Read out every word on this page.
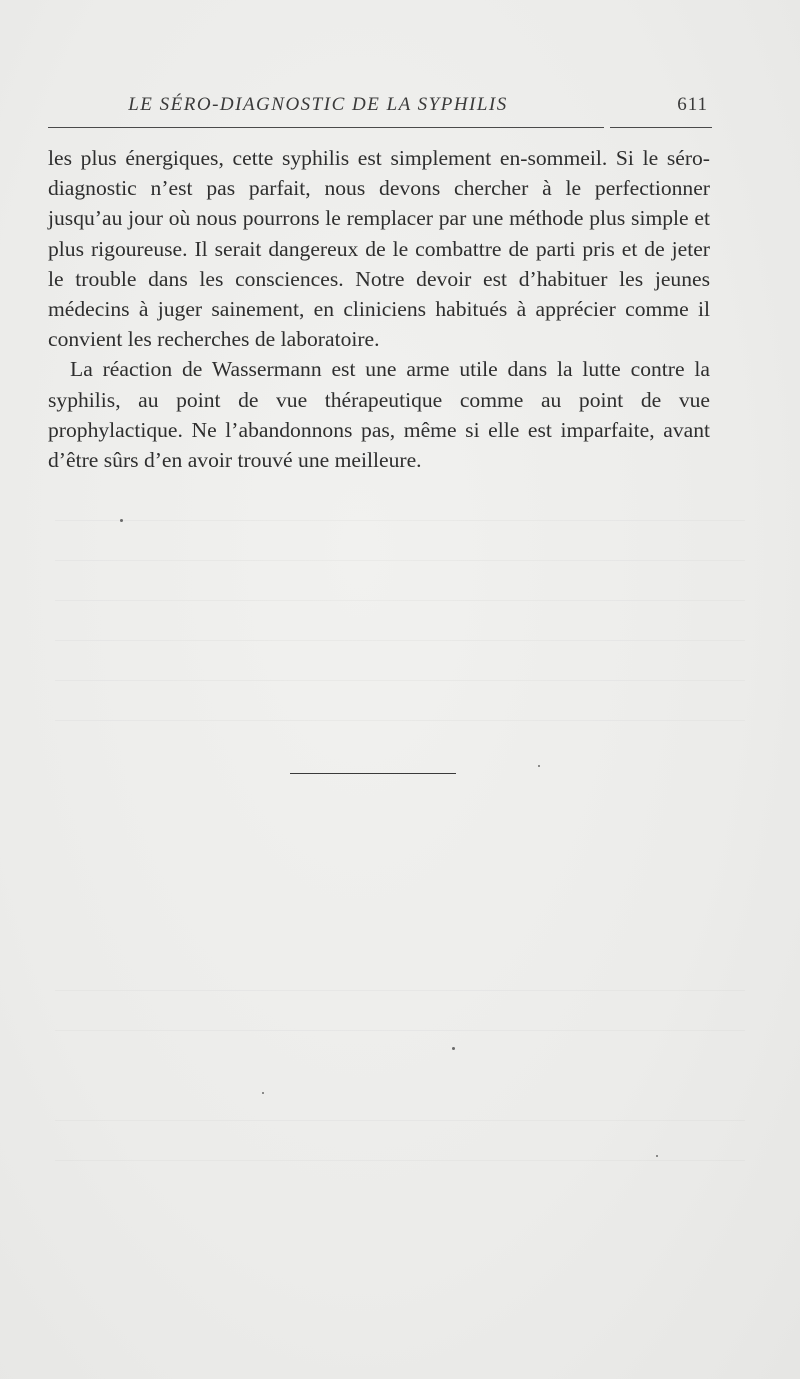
LE SÉRO-DIAGNOSTIC DE LA SYPHILIS	611

les plus énergiques, cette syphilis est simplement en-sommeil. Si le séro-diagnostic n’est pas parfait, nous devons chercher à le perfectionner jusqu’au jour où nous pourrons le remplacer par une méthode plus simple et plus rigoureuse. Il serait dangereux de le combattre de parti pris et de jeter le trouble dans les consciences. Notre devoir est d’habituer les jeunes médecins à juger sainement, en cliniciens habitués à apprécier comme il convient les recherches de laboratoire.

La réaction de Wassermann est une arme utile dans la lutte contre la syphilis, au point de vue thérapeutique comme au point de vue prophylactique. Ne l’abandonnons pas, même si elle est imparfaite, avant d’être sûrs d’en avoir trouvé une meilleure.
